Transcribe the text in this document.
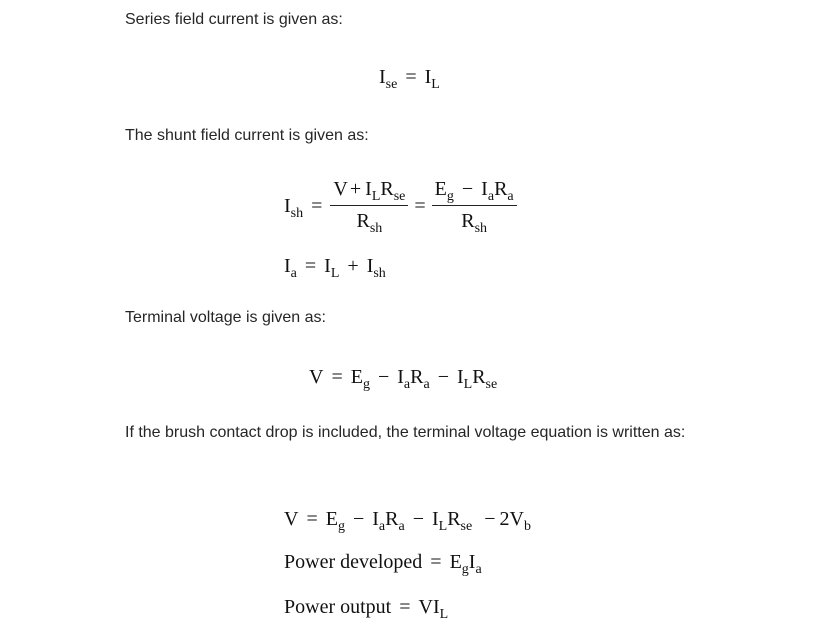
Series field current is given as:
$I_{se} = I_L$
The shunt field current is given as:
$I_{sh} = \frac{V + I_LR_{se}}{R_{sh}} = \frac{E_g - I_aR_a}{R_{sh}}$
$I_a = I_L + I_{sh}$
Terminal voltage is given as:
$V = E_g - I_aR_a - I_LR_{se}$
If the brush contact drop is included, the terminal voltage equation is written as:
$V = E_g - I_aR_a - I_LR_{se} - 2V_b$
Power developed = $E_gI_a$
Power output = $VI_L$
